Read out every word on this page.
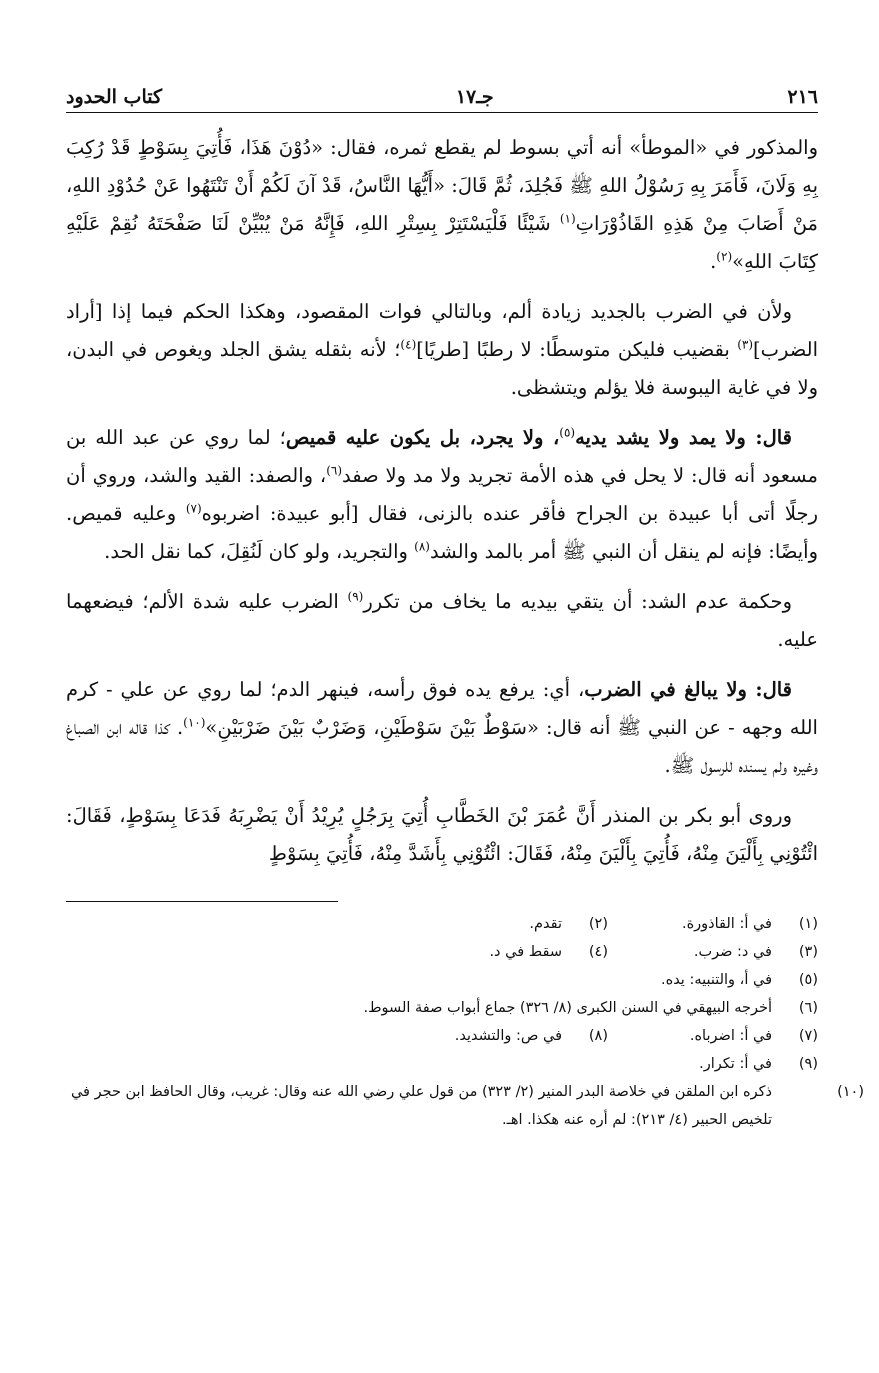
٢١٦
جـ١٧
كتاب الحدود

والمذكور في «الموطأ» أنه أتي بسوط لم يقطع ثمره، فقال: «دُوْنَ هَذَا، فَأُتِيَ بِسَوْطٍ قَدْ رُكِبَ بِهِ وَلَانَ، فَأَمَرَ بِهِ رَسُوْلُ اللهِ ﷺ فَجُلِدَ، ثُمَّ قَالَ: «أَيُّهَا النَّاسُ، قَدْ آنَ لَكُمْ أَنْ تَنْتَهُوا عَنْ حُدُوْدِ اللهِ، مَنْ أَصَابَ مِنْ هَذِهِ القَاذُوْرَاتِ$^{(١)}$ شَيْئًا فَلْيَسْتَتِرْ بِسِتْرِ اللهِ، فَإِنَّهُ مَنْ يُبْيِّنْ لَنَا صَفْحَتَهُ نُقِمْ عَلَيْهِ كِتَابَ اللهِ»$^{(٢)}$.

ولأن في الضرب بالجديد زيادة ألم، وبالتالي فوات المقصود، وهكذا الحكم فيما إذا [أراد الضرب]$^{(٣)}$ بقضيب فليكن متوسطًا: لا رطبًا [طريًا]$^{(٤)}$؛ لأنه بثقله يشق الجلد ويغوص في البدن، ولا في غاية اليبوسة فلا يؤلم ويتشظى.

قال: ولا يمد ولا يشد يديه$^{(٥)}$، ولا يجرد، بل يكون عليه قميص؛ لما روي عن عبد الله بن مسعود أنه قال: لا يحل في هذه الأمة تجريد ولا مد ولا صفد$^{(٦)}$، والصفد: القيد والشد، وروي أن رجلًا أتى أبا عبيدة بن الجراح فأقر عنده بالزنى، فقال [أبو عبيدة: اضربوه$^{(٧)}$ وعليه قميص. وأيضًا: فإنه لم ينقل أن النبي ﷺ أمر بالمد والشد$^{(٨)}$ والتجريد، ولو كان لَنُقِلَ، كما نقل الحد.

وحكمة عدم الشد: أن يتقي بيديه ما يخاف من تكرر$^{(٩)}$ الضرب عليه شدة الألم؛ فيضعهما عليه.

قال: ولا يبالغ في الضرب، أي: يرفع يده فوق رأسه، فينهر الدم؛ لما روي عن علي - كرم الله وجهه - عن النبي ﷺ أنه قال: «سَوْطٌ بَيْنَ سَوْطَيْنِ، وَضَرْبٌ بَيْنَ ضَرْبَيْنِ»$^{(١٠)}$. كذا قاله ابن الصباغ وغيره ولم يسنده للرسول ﷺ.

وروى أبو بكر بن المنذر أَنَّ عُمَرَ بْنَ الخَطَّابِ أُتِيَ بِرَجُلٍ يُرِيْدُ أَنْ يَضْرِبَهُ فَدَعَا بِسَوْطٍ، فَقَالَ: ائْتُوْنِي بِأَلْيَنَ مِنْهُ، فَأُتِيَ بِأَلْيَنَ مِنْهُ، فَقَالَ: ائْتُوْنِي بِأَشَدَّ مِنْهُ، فَأُتِيَ بِسَوْطٍ

(١)في أ: القاذورة.
(٢)تقدم.
(٣)في د: ضرب.
(٤)سقط في د.
(٥)في أ، والتنبيه: يده.
(٦)أخرجه البيهقي في السنن الكبرى (٨/ ٣٢٦) جماع أبواب صفة السوط.
(٧)في أ: اضرباه.
(٨)في ص: والتشديد.
(٩)في أ: تكرار.
(١٠)ذكره ابن الملقن في خلاصة البدر المنير (٢/ ٣٢٣) من قول علي رضي الله عنه وقال: غريب، وقال الحافظ ابن حجر في تلخيص الحبير (٤/ ٢١٣): لم أره عنه هكذا. اهـ.
